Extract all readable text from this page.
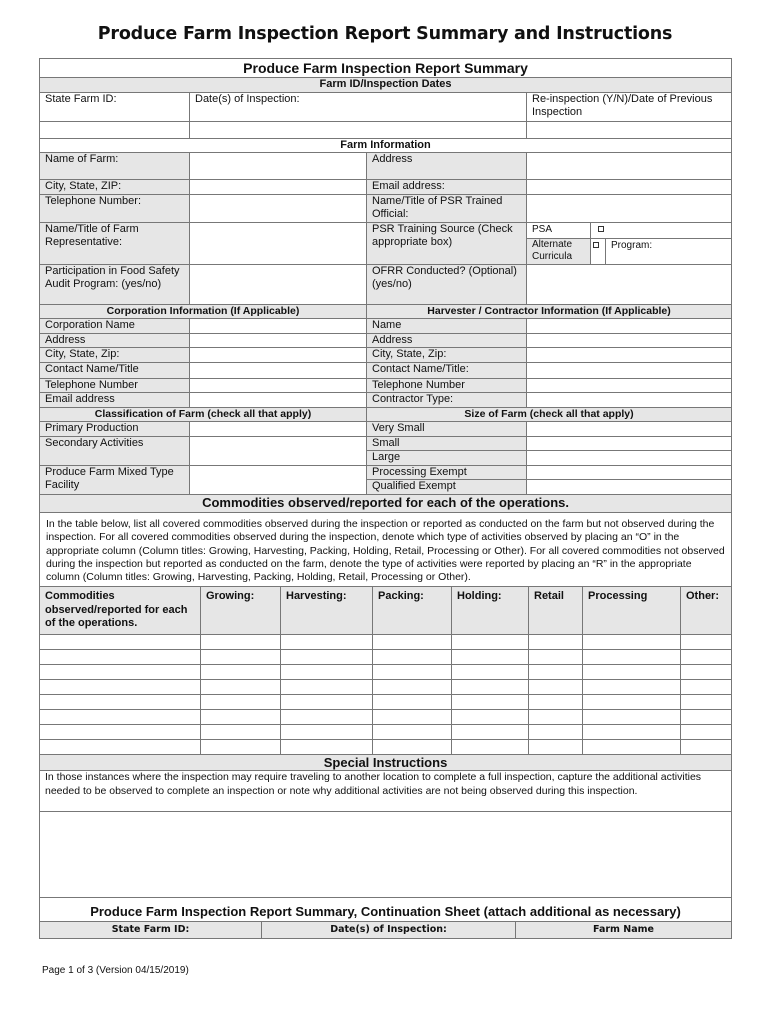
Produce Farm Inspection Report Summary and Instructions
Produce Farm Inspection Report Summary					
Farm ID/Inspection Dates					
State Farm ID:	Date(s) of Inspection:		Re-inspection (Y/N)/Date of Previous Inspection		

Farm Information					
Name of Farm:		Address			
City, State, ZIP:		Email address:			
Telephone Number:		Name/Title of PSR Trained Official:			
Name/Title of Farm Representative:		PSR Training Source (Check appropriate box)	PSA		
			Alternate Curricula		Program:
Participation in Food Safety Audit Program: (yes/no)		OFRR Conducted? (Optional) (yes/no)			
Corporation Information (If Applicable)		Harvester / Contractor Information (If Applicable)			
Corporation Name		Name			
Address		Address			
City, State, Zip:		City, State, Zip:			
Contact Name/Title		Contact Name/Title:			
Telephone Number		Telephone Number			
Email address		Contractor Type:			
Classification of Farm (check all that apply)		Size of Farm (check all that apply)			
Primary Production		Very Small			
Secondary Activities		Small			
		Large			
Produce Farm Mixed Type Facility		Processing Exempt			
		Qualified Exempt			
Commodities observed/reported for each of the operations.							
In the table below, list all covered commodities observed during the inspection or reported as conducted on the farm but not observed during the inspection. For all covered commodities observed during the inspection, denote which type of activities observed by placing an “O” in the appropriate column (Column titles: Growing, Harvesting, Packing, Holding, Retail, Processing or Other). For all covered commodities not observed during the inspection but reported as conducted on the farm, denote the type of activities were reported by placing an “R” in the appropriate column (Column titles: Growing, Harvesting, Packing, Holding, Retail, Processing or Other).							
Commodities observed/reported for each of the operations.	Growing:	Harvesting:	Packing:	Holding:	Retail	Processing	Other:

Special Instructions							
In those instances where the inspection may require traveling to another location to complete a full inspection, capture the additional activities needed to be observed to complete an inspection or note why additional activities are not being observed during this inspection.							

Produce Farm Inspection Report Summary, Continuation Sheet (attach additional as necessary)							
State Farm ID:	Date(s) of Inspection:	Farm Name
Page 1 of 3 (Version 04/15/2019)
